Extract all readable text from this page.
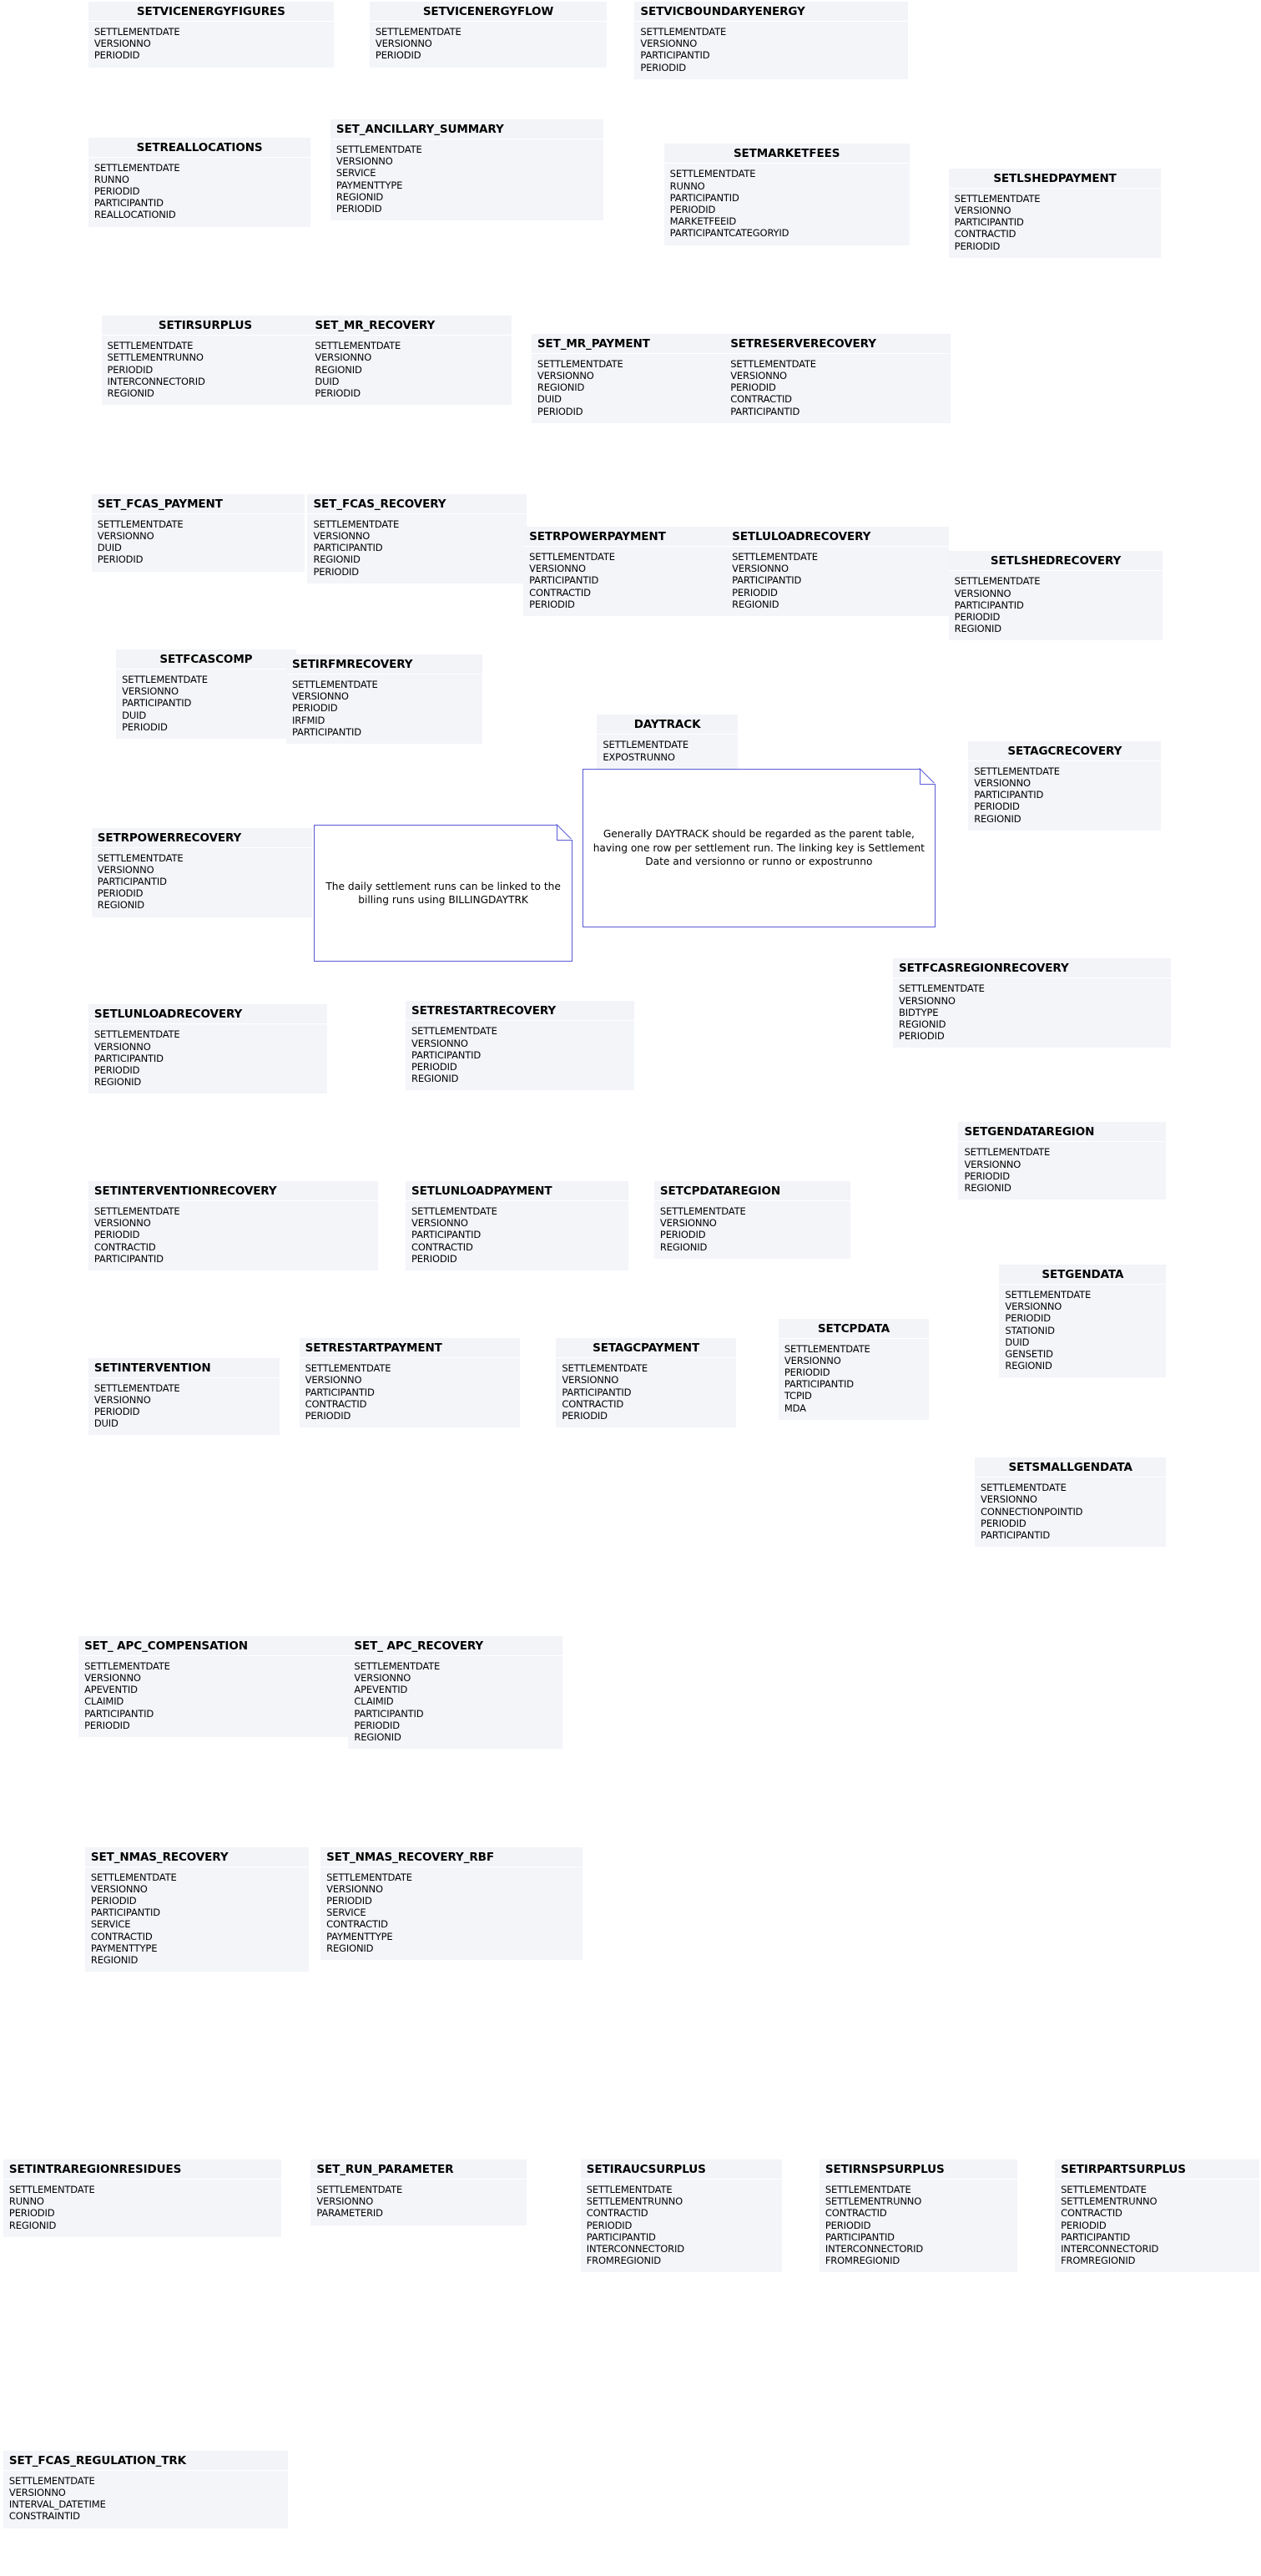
SETVICENERGYFIGURES
SETTLEMENTDATE
VERSIONNO
PERIODID
SETVICENERGYFLOW
SETTLEMENTDATE
VERSIONNO
PERIODID
SETVICBOUNDARYENERGY
SETTLEMENTDATE
VERSIONNO
PARTICIPANTID
PERIODID
SETREALLOCATIONS
SETTLEMENTDATE
RUNNO
PERIODID
PARTICIPANTID
REALLOCATIONID
SET_ANCILLARY_SUMMARY
SETTLEMENTDATE
VERSIONNO
SERVICE
PAYMENTTYPE
REGIONID
PERIODID
SETMARKETFEES
SETTLEMENTDATE
RUNNO
PARTICIPANTID
PERIODID
MARKETFEEID
PARTICIPANTCATEGORYID
SETLSHEDPAYMENT
SETTLEMENTDATE
VERSIONNO
PARTICIPANTID
CONTRACTID
PERIODID
SETIRSURPLUS
SETTLEMENTDATE
SETTLEMENTRUNNO
PERIODID
INTERCONNECTORID
REGIONID
SET_MR_RECOVERY
SETTLEMENTDATE
VERSIONNO
REGIONID
DUID
PERIODID
SET_MR_PAYMENT
SETTLEMENTDATE
VERSIONNO
REGIONID
DUID
PERIODID
SETRESERVERECOVERY
SETTLEMENTDATE
VERSIONNO
PERIODID
CONTRACTID
PARTICIPANTID
SET_FCAS_PAYMENT
SETTLEMENTDATE
VERSIONNO
DUID
PERIODID
SET_FCAS_RECOVERY
SETTLEMENTDATE
VERSIONNO
PARTICIPANTID
REGIONID
PERIODID
SETRPOWERPAYMENT
SETTLEMENTDATE
VERSIONNO
PARTICIPANTID
CONTRACTID
PERIODID
SETLULOADRECOVERY
SETTLEMENTDATE
VERSIONNO
PARTICIPANTID
PERIODID
REGIONID
SETLSHEDRECOVERY
SETTLEMENTDATE
VERSIONNO
PARTICIPANTID
PERIODID
REGIONID
SETFCASCOMP
SETTLEMENTDATE
VERSIONNO
PARTICIPANTID
DUID
PERIODID
SETIRFMRECOVERY
SETTLEMENTDATE
VERSIONNO
PERIODID
IRFMID
PARTICIPANTID
DAYTRACK
SETTLEMENTDATE
EXPOSTRUNNO	SETAGCRECOVERY
SETTLEMENTDATE
VERSIONNO
PARTICIPANTID
PERIODID
REGIONID
SETRPOWERRECOVERY
SETTLEMENTDATE
VERSIONNO
PARTICIPANTID
PERIODID
REGIONID
SETFCASREGIONRECOVERY
SETTLEMENTDATE
VERSIONNO
BIDTYPE
REGIONID
PERIODID
SETLUNLOADRECOVERY
SETTLEMENTDATE
VERSIONNO
PARTICIPANTID
PERIODID
REGIONID
SETRESTARTRECOVERY
SETTLEMENTDATE
VERSIONNO
PARTICIPANTID
PERIODID
REGIONID
SETGENDATAREGION
SETTLEMENTDATE
VERSIONNO
PERIODID
REGIONID
SETINTERVENTIONRECOVERY
SETTLEMENTDATE
VERSIONNO
PERIODID
CONTRACTID
PARTICIPANTID
SETLUNLOADPAYMENT
SETTLEMENTDATE
VERSIONNO
PARTICIPANTID
CONTRACTID
PERIODID
SETCPDATAREGION
SETTLEMENTDATE
VERSIONNO
PERIODID
REGIONID
SETGENDATA
SETTLEMENTDATE
VERSIONNO
PERIODID
STATIONID
DUID
GENSETID
REGIONID
SETINTERVENTION
SETTLEMENTDATE
VERSIONNO
PERIODID
DUID
SETRESTARTPAYMENT
SETTLEMENTDATE
VERSIONNO
PARTICIPANTID
CONTRACTID
PERIODID
SETAGCPAYMENT
SETTLEMENTDATE
VERSIONNO
PARTICIPANTID
CONTRACTID
PERIODID
SETCPDATA
SETTLEMENTDATE
VERSIONNO
PERIODID
PARTICIPANTID
TCPID
MDA
SETSMALLGENDATA
SETTLEMENTDATE
VERSIONNO
CONNECTIONPOINTID
PERIODID
PARTICIPANTID
SET_ APC_COMPENSATION
SETTLEMENTDATE
VERSIONNO
APEVENTID
CLAIMID
PARTICIPANTID
PERIODID
SET_ APC_RECOVERY
SETTLEMENTDATE
VERSIONNO
APEVENTID
CLAIMID
PARTICIPANTID
PERIODID
REGIONID
SET_NMAS_RECOVERY
SETTLEMENTDATE
VERSIONNO
PERIODID
PARTICIPANTID
SERVICE
CONTRACTID
PAYMENTTYPE
REGIONID
SET_NMAS_RECOVERY_RBF
SETTLEMENTDATE
VERSIONNO
PERIODID
SERVICE
CONTRACTID
PAYMENTTYPE
REGIONID
SETINTRAREGIONRESIDUES
SETTLEMENTDATE
RUNNO
PERIODID
REGIONID
SET_RUN_PARAMETER
SETTLEMENTDATE
VERSIONNO
PARAMETERID
SETIRAUCSURPLUS
SETTLEMENTDATE
SETTLEMENTRUNNO
CONTRACTID
PERIODID
PARTICIPANTID
INTERCONNECTORID
FROMREGIONID
SETIRNSPSURPLUS
SETTLEMENTDATE
SETTLEMENTRUNNO
CONTRACTID
PERIODID
PARTICIPANTID
INTERCONNECTORID
FROMREGIONID
SETIRPARTSURPLUS
SETTLEMENTDATE
SETTLEMENTRUNNO
CONTRACTID
PERIODID
PARTICIPANTID
INTERCONNECTORID
FROMREGIONID
SET_FCAS_REGULATION_TRK
SETTLEMENTDATE
VERSIONNO
INTERVAL_DATETIME
CONSTRAINTID
The daily settlement runs can be linked to the billing runs using BILLINGDAYTRK
Generally DAYTRACK should be regarded as the parent table, having one row per settlement run. The linking key is Settlement Date and versionno or runno or expostrunno
